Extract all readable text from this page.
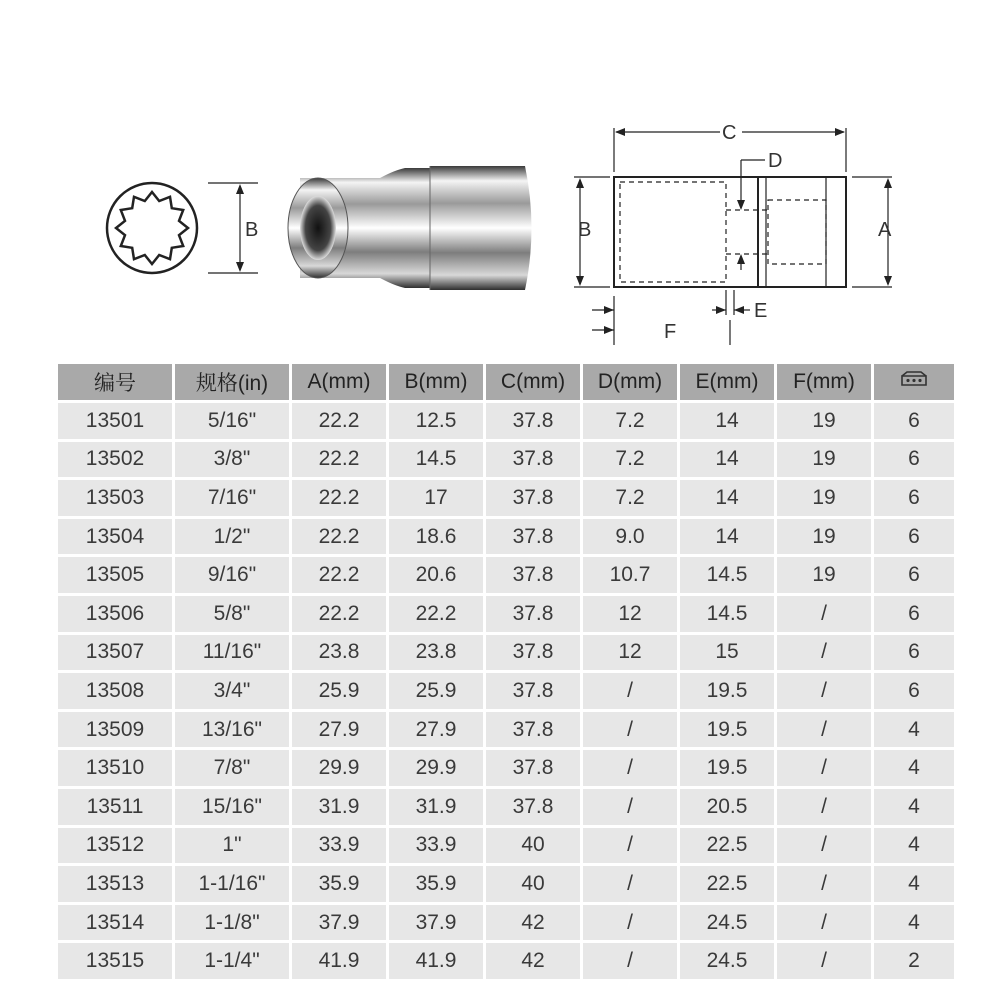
B
C
D
B	A
E
F
编号	规格(in)	A(mm)	B(mm)	C(mm)	D(mm)	E(mm)	F(mm)	
13501	5/16"	22.2	12.5	37.8	7.2	14	19	6
13502	3/8"	22.2	14.5	37.8	7.2	14	19	6
13503	7/16"	22.2	17	37.8	7.2	14	19	6
13504	1/2"	22.2	18.6	37.8	9.0	14	19	6
13505	9/16"	22.2	20.6	37.8	10.7	14.5	19	6
13506	5/8"	22.2	22.2	37.8	12	14.5	/	6
13507	11/16"	23.8	23.8	37.8	12	15	/	6
13508	3/4"	25.9	25.9	37.8	/	19.5	/	6
13509	13/16"	27.9	27.9	37.8	/	19.5	/	4
13510	7/8"	29.9	29.9	37.8	/	19.5	/	4
13511	15/16"	31.9	31.9	37.8	/	20.5	/	4
13512	1"	33.9	33.9	40	/	22.5	/	4
13513	1-1/16"	35.9	35.9	40	/	22.5	/	4
13514	1-1/8"	37.9	37.9	42	/	24.5	/	4
13515	1-1/4"	41.9	41.9	42	/	24.5	/	2
